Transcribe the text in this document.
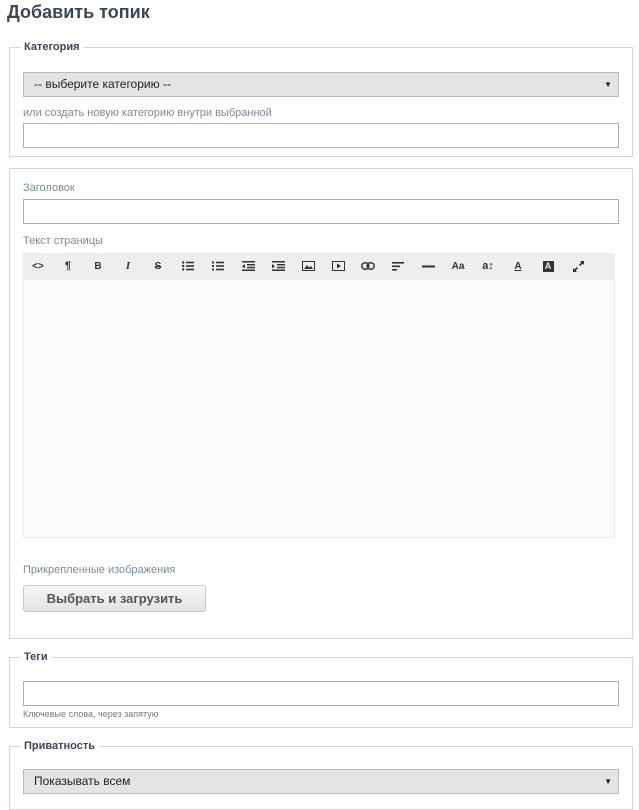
Добавить топик
Категория
-- выберите категорию --	▼
или создать новую категорию внутри выбранной
Заголовок
Текст страницы
<>	¶	B	I	S	Aa	a↕	A	A
Прикрепленные изображения
Выбрать и загрузить
Теги
Ключевые слова, через запятую
Приватность
Показывать всем	▼
